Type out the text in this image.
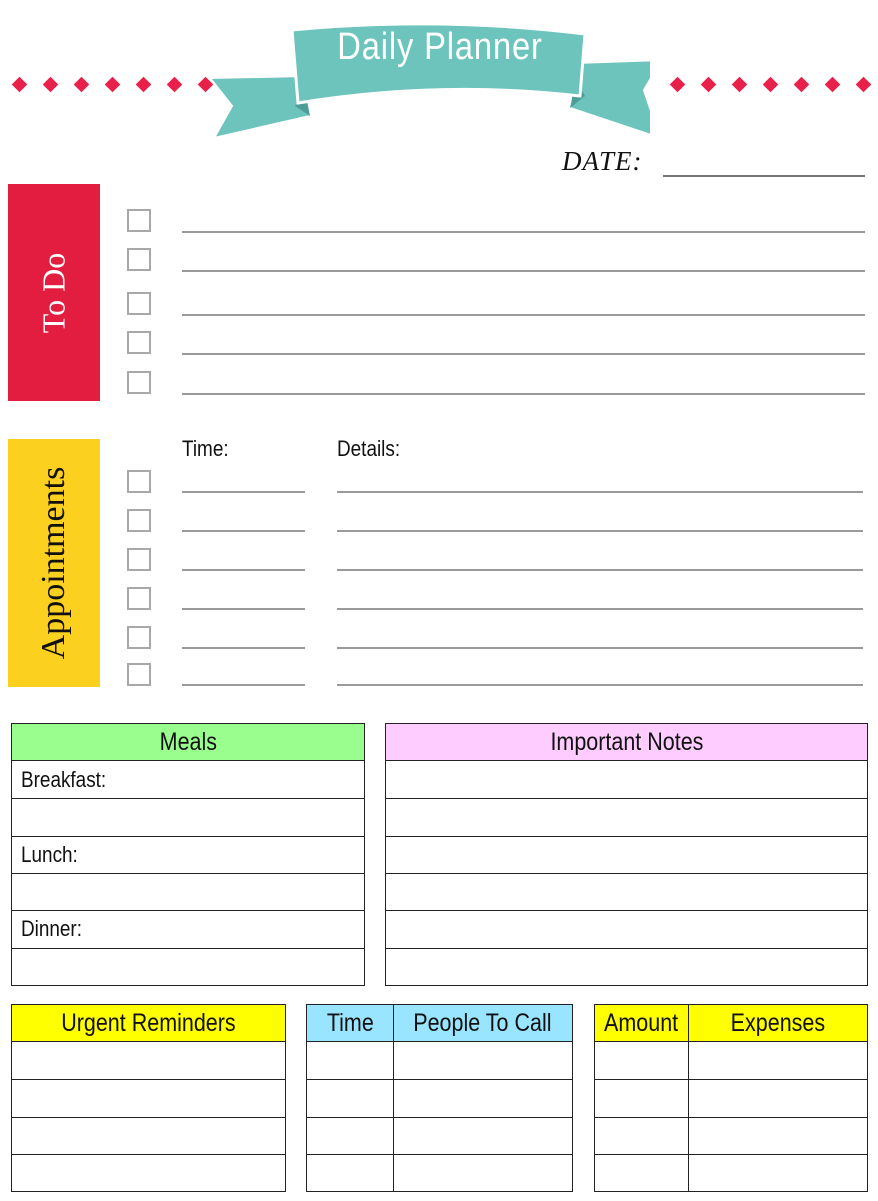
Daily Planner
DATE:
To Do
Appointments
Time:	Details:
Meals
Breakfast:
Lunch:
Dinner:
Important Notes
Urgent Reminders	Time People To Call Amount Expenses
